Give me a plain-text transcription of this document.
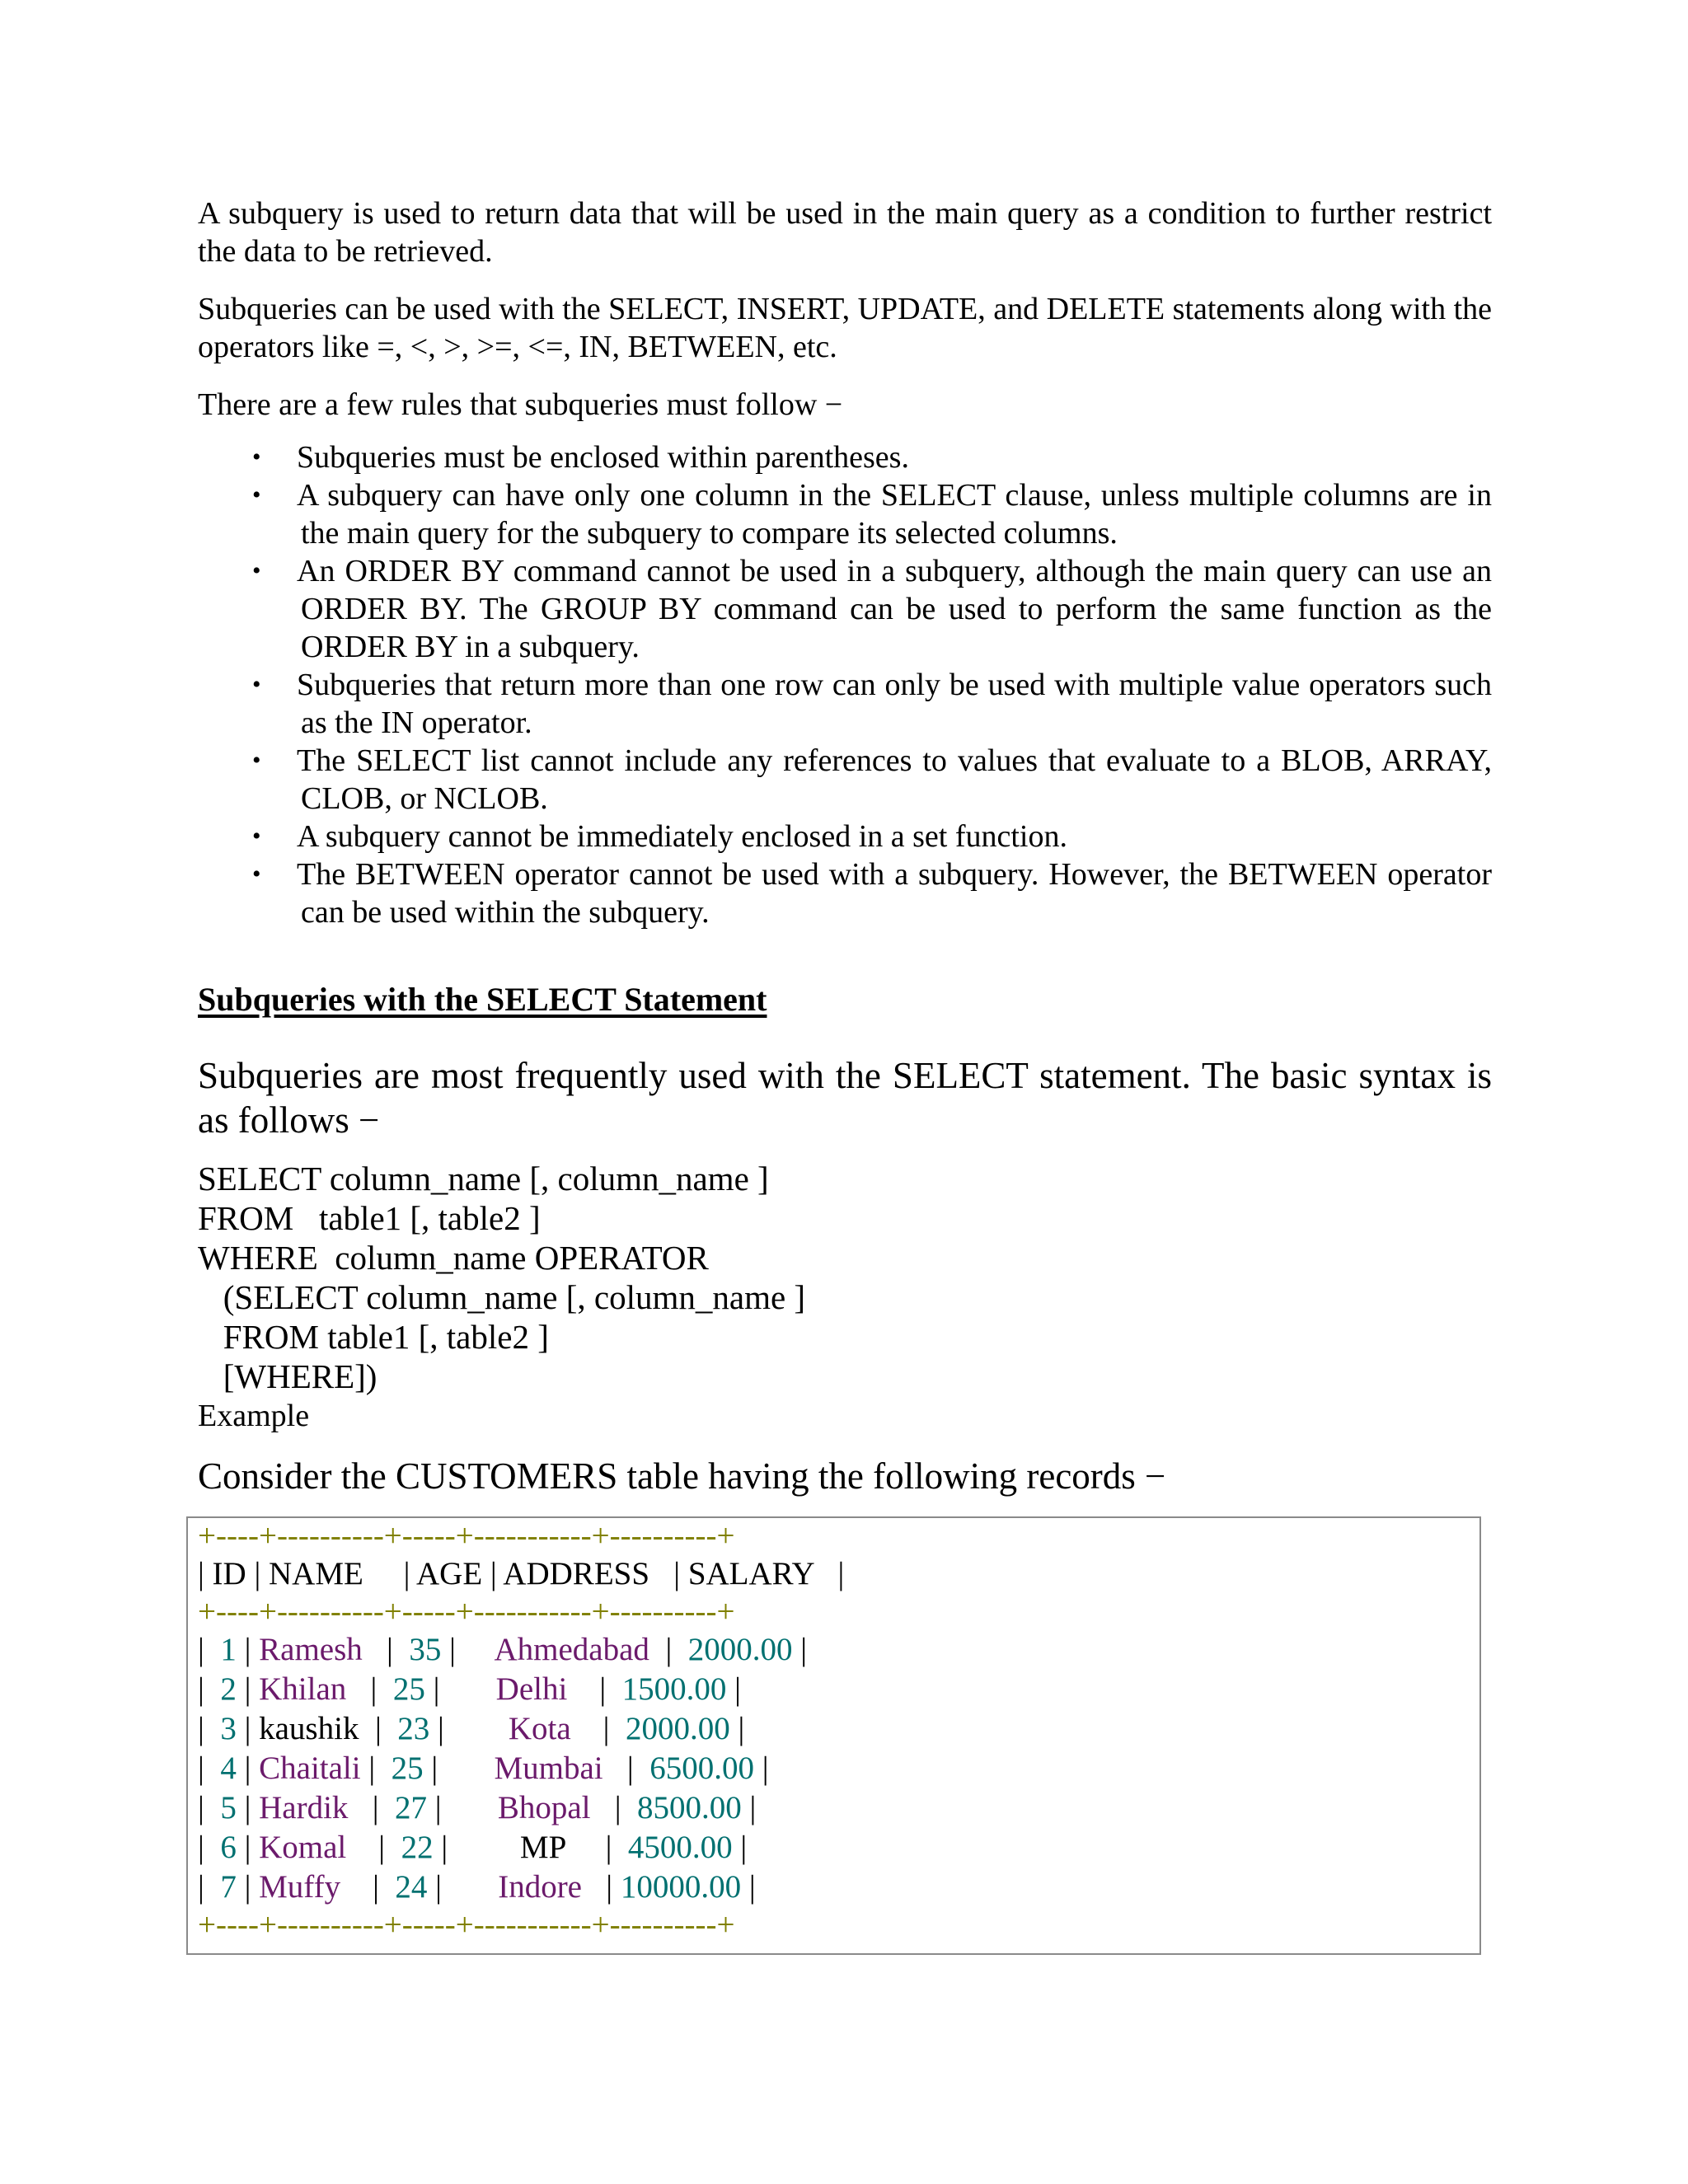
A subquery is used to return data that will be used in the main query as a condition to further restrict the data to be retrieved.

Subqueries can be used with the SELECT, INSERT, UPDATE, and DELETE statements along with the operators like =, <, >, >=, <=, IN, BETWEEN, etc.

There are a few rules that subqueries must follow −

• Subqueries must be enclosed within parentheses.
• A subquery can have only one column in the SELECT clause, unless multiple columns are in the main query for the subquery to compare its selected columns.
• An ORDER BY command cannot be used in a subquery, although the main query can use an ORDER BY. The GROUP BY command can be used to perform the same function as the ORDER BY in a subquery.
• Subqueries that return more than one row can only be used with multiple value operators such as the IN operator.
• The SELECT list cannot include any references to values that evaluate to a BLOB, ARRAY, CLOB, or NCLOB.
• A subquery cannot be immediately enclosed in a set function.
• The BETWEEN operator cannot be used with a subquery. However, the BETWEEN operator can be used within the subquery.
Subqueries with the SELECT Statement

Subqueries are most frequently used with the SELECT statement. The basic syntax is as follows −

SELECT column_name [, column_name ]
FROM   table1 [, table2 ]
WHERE  column_name OPERATOR
(SELECT column_name [, column_name ]
FROM table1 [, table2 ]
[WHERE])

Example

Consider the CUSTOMERS table having the following records −

+----+----------+-----+-----------+----------+
| ID | NAME     | AGE | ADDRESS   | SALARY   |
+----+----------+-----+-----------+----------+
|  1 | Ramesh   |  35 |     Ahmedabad  |  2000.00 |
|  2 | Khilan   |  25 |       Delhi    |  1500.00 |
|  3 | kaushik  |  23 |        Kota    |  2000.00 |
|  4 | Chaitali |  25 |       Mumbai   |  6500.00 |
|  5 | Hardik   |  27 |       Bhopal   |  8500.00 |
|  6 | Komal    |  22 |         MP     |  4500.00 |
|  7 | Muffy    |  24 |       Indore   | 10000.00 |
+----+----------+-----+-----------+----------+
